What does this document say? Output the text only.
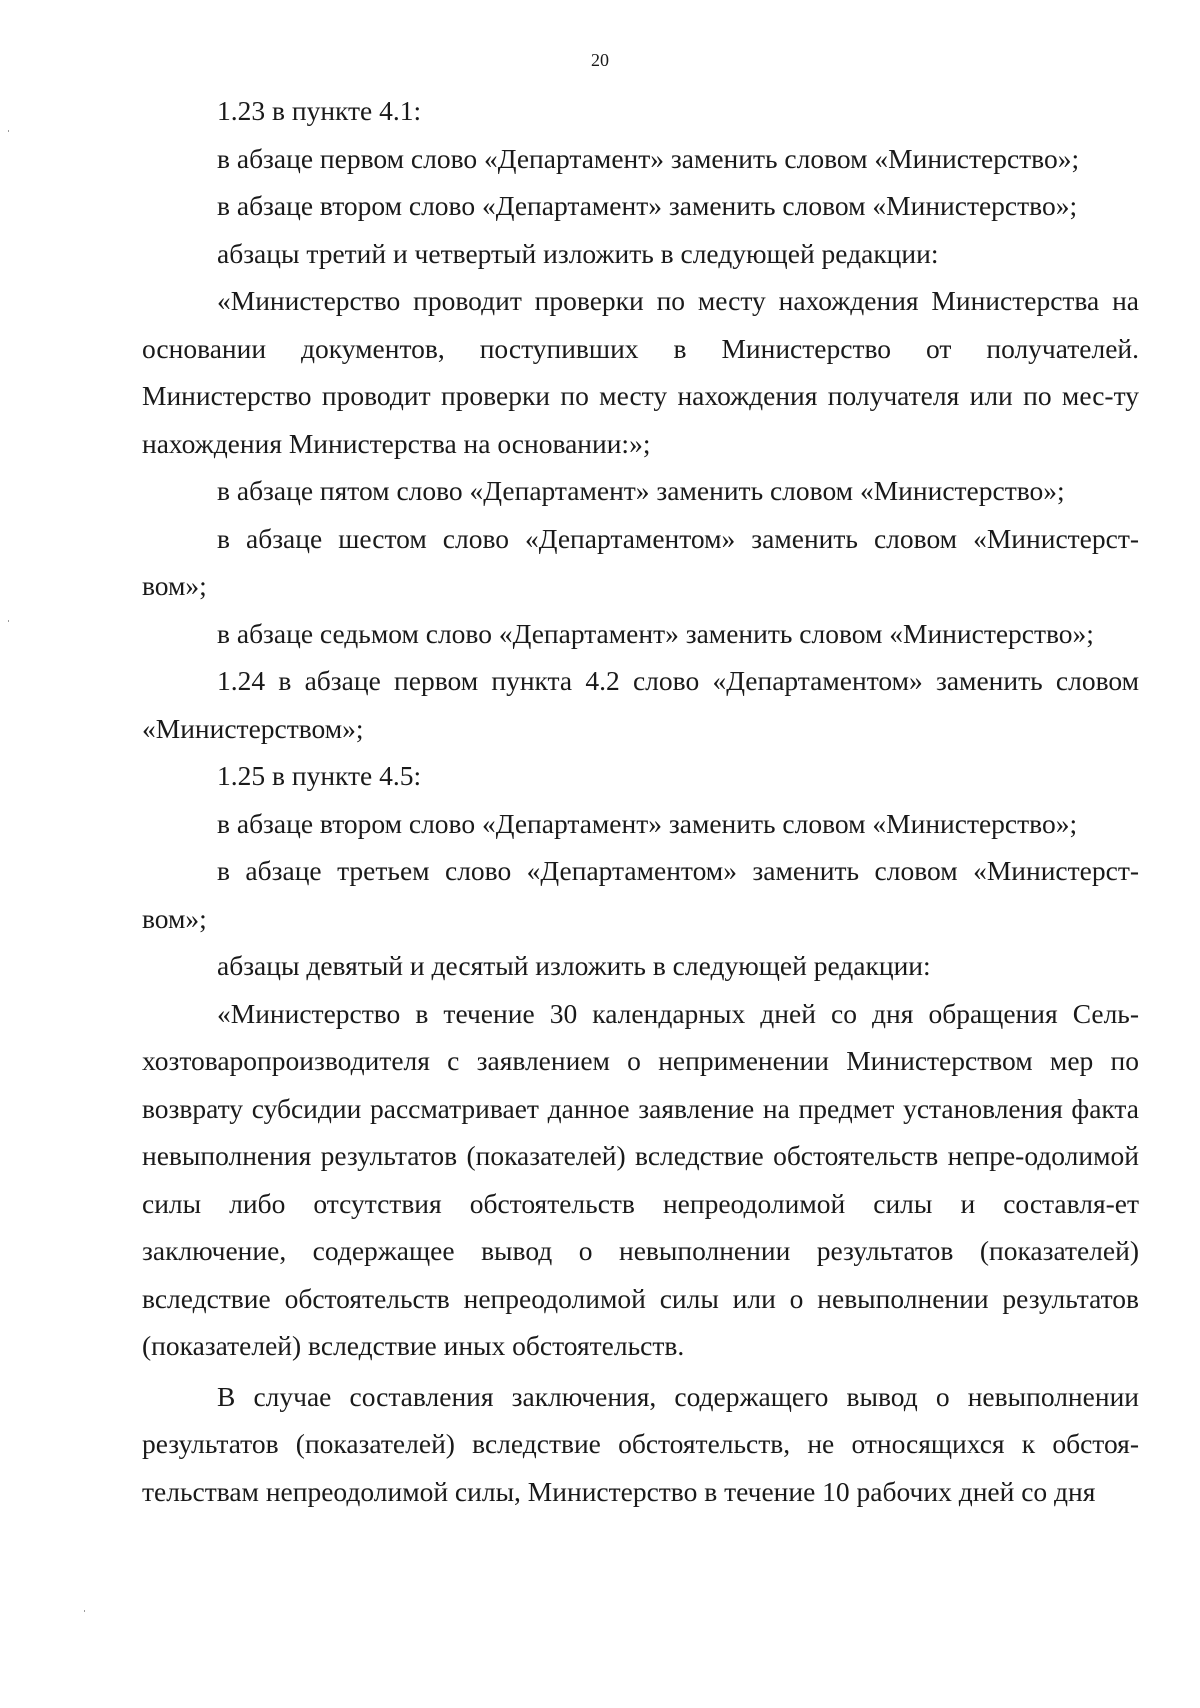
20

1.23 в пункте 4.1:

в абзаце первом слово «Департамент» заменить словом «Министерство»;

в абзаце втором слово «Департамент» заменить словом «Министерство»;

абзацы третий и четвертый изложить в следующей редакции:

«Министерство проводит проверки по месту нахождения Министерства на основании документов, поступивших в Министерство от получателей. Министерство проводит проверки по месту нахождения получателя или по мес-ту нахождения Министерства на основании:»;

в абзаце пятом слово «Департамент» заменить словом «Министерство»;

в абзаце шестом слово «Департаментом» заменить словом «Министерст-

вом»;

в абзаце седьмом слово «Департамент» заменить словом «Министерство»;

1.24 в абзаце первом пункта 4.2 слово «Департаментом» заменить словом «Министерством»;

1.25 в пункте 4.5:

в абзаце втором слово «Департамент» заменить словом «Министерство»;

в абзаце третьем слово «Департаментом» заменить словом «Министерст-

вом»;

абзацы девятый и десятый изложить в следующей редакции:

«Министерство в течение 30 календарных дней со дня обращения Сель-хозтоваропроизводителя с заявлением о неприменении Министерством мер по возврату субсидии рассматривает данное заявление на предмет установления факта невыполнения результатов (показателей) вследствие обстоятельств непре-одолимой силы либо отсутствия обстоятельств непреодолимой силы и составля-ет заключение, содержащее вывод о невыполнении результатов (показателей) вследствие обстоятельств непреодолимой силы или о невыполнении результатов (показателей) вследствие иных обстоятельств.

В случае составления заключения, содержащего вывод о невыполнении результатов (показателей) вследствие обстоятельств, не относящихся к обстоя-тельствам непреодолимой силы, Министерство в течение 10 рабочих дней со дня
